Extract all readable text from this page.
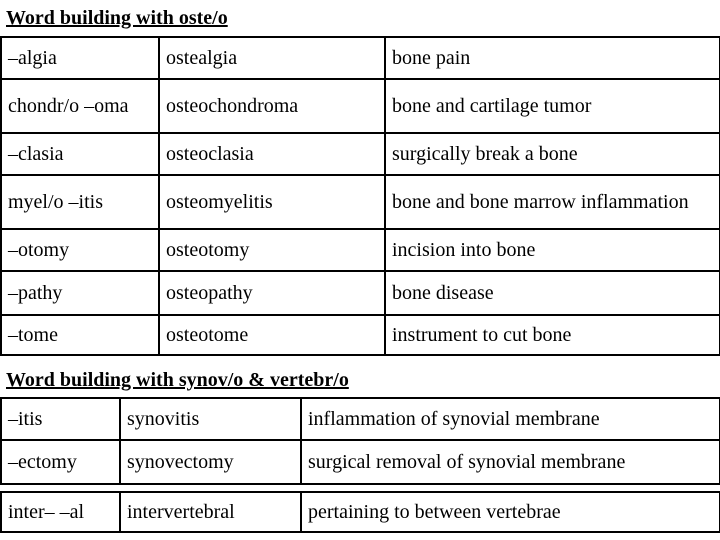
Word building with oste/o
–algia	ostealgia	bone pain
chondr/o –oma	osteochondroma	bone and cartilage tumor
–clasia	osteoclasia	surgically break a bone
myel/o –itis	osteomyelitis	bone and bone marrow inflammation
–otomy	osteotomy	incision into bone
–pathy	osteopathy	bone disease
–tome	osteotome	instrument to cut bone
Word building with synov/o & vertebr/o
–itis	synovitis	inflammation of synovial membrane
–ectomy	synovectomy	surgical removal of synovial membrane
inter– –al	intervertebral	pertaining to between vertebrae
